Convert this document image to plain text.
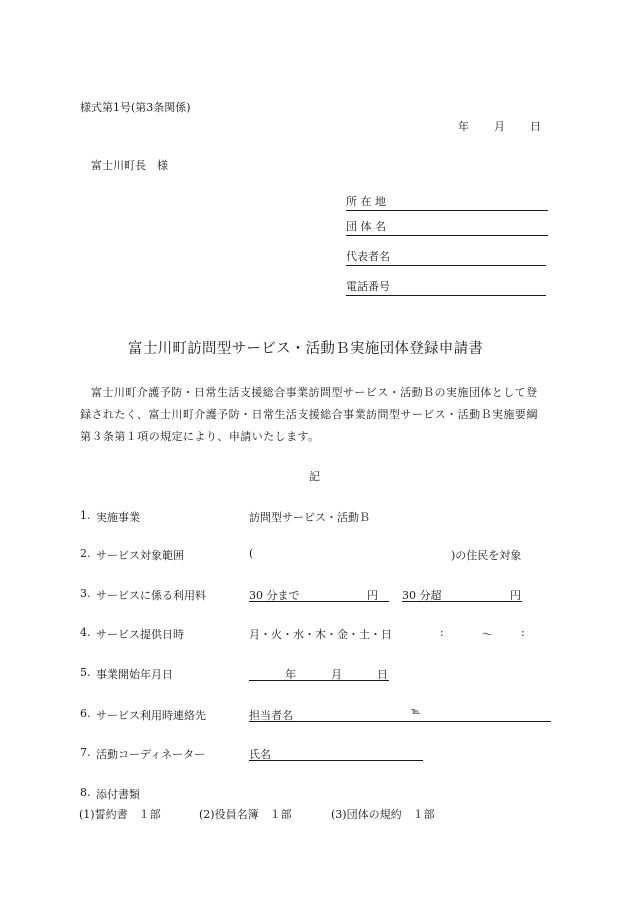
様式第1号(第3条関係)
年 月 日
富士川町長　様
所 在 地
団 体 名
代表者名
電話番号
富士川町訪問型サービス・活動Ｂ実施団体登録申請書
富士川町介護予防・日常生活支援総合事業訪問型サービス・活動Ｂの実施団体として登
録されたく、富士川町介護予防・日常生活支援総合事業訪問型サービス・活動Ｂ実施要綱
第３条第１項の規定により、申請いたします。
記
1. 実施事業	訪問型サービス・活動Ｂ
2. サービス対象範囲	(	)の住民を対象
3. サービスに係る利用料	30 分まで	円 30 分超	円
4. サービス提供日時	月・火・水・木・金・土・日	:	～	:
5. 事業開始年月日	年	月	日
6. サービス利用時連絡先	担当者名	℡
7. 活動コーディネーター	氏名
8. 添付書類
(1)誓約書　１部	(2)役員名簿　１部	(3)団体の規約　１部
